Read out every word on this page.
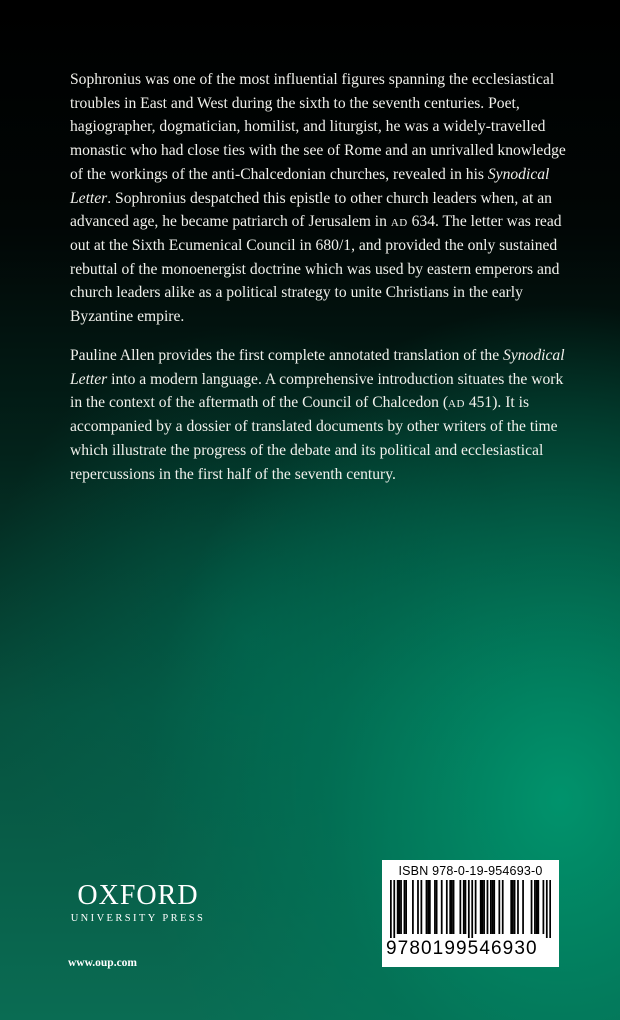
Sophronius was one of the most influential figures spanning the ecclesiastical troubles in East and West during the sixth to the seventh centuries. Poet, hagiographer, dogmatician, homilist, and liturgist, he was a widely-travelled monastic who had close ties with the see of Rome and an unrivalled knowledge of the workings of the anti-Chalcedonian churches, revealed in his Synodical Letter. Sophronius despatched this epistle to other church leaders when, at an advanced age, he became patriarch of Jerusalem in ad 634. The letter was read out at the Sixth Ecumenical Council in 680/1, and provided the only sustained rebuttal of the monoenergist doctrine which was used by eastern emperors and church leaders alike as a political strategy to unite Christians in the early Byzantine empire.

Pauline Allen provides the first complete annotated translation of the Synodical Letter into a modern language. A comprehensive introduction situates the work in the context of the aftermath of the Council of Chalcedon (ad 451). It is accompanied by a dossier of translated documents by other writers of the time which illustrate the progress of the debate and its political and ecclesiastical repercussions in the first half of the seventh century.

OXFORD
UNIVERSITY PRESS
www.oup.com
ISBN 978-0-19-954693-0
9780199546930
